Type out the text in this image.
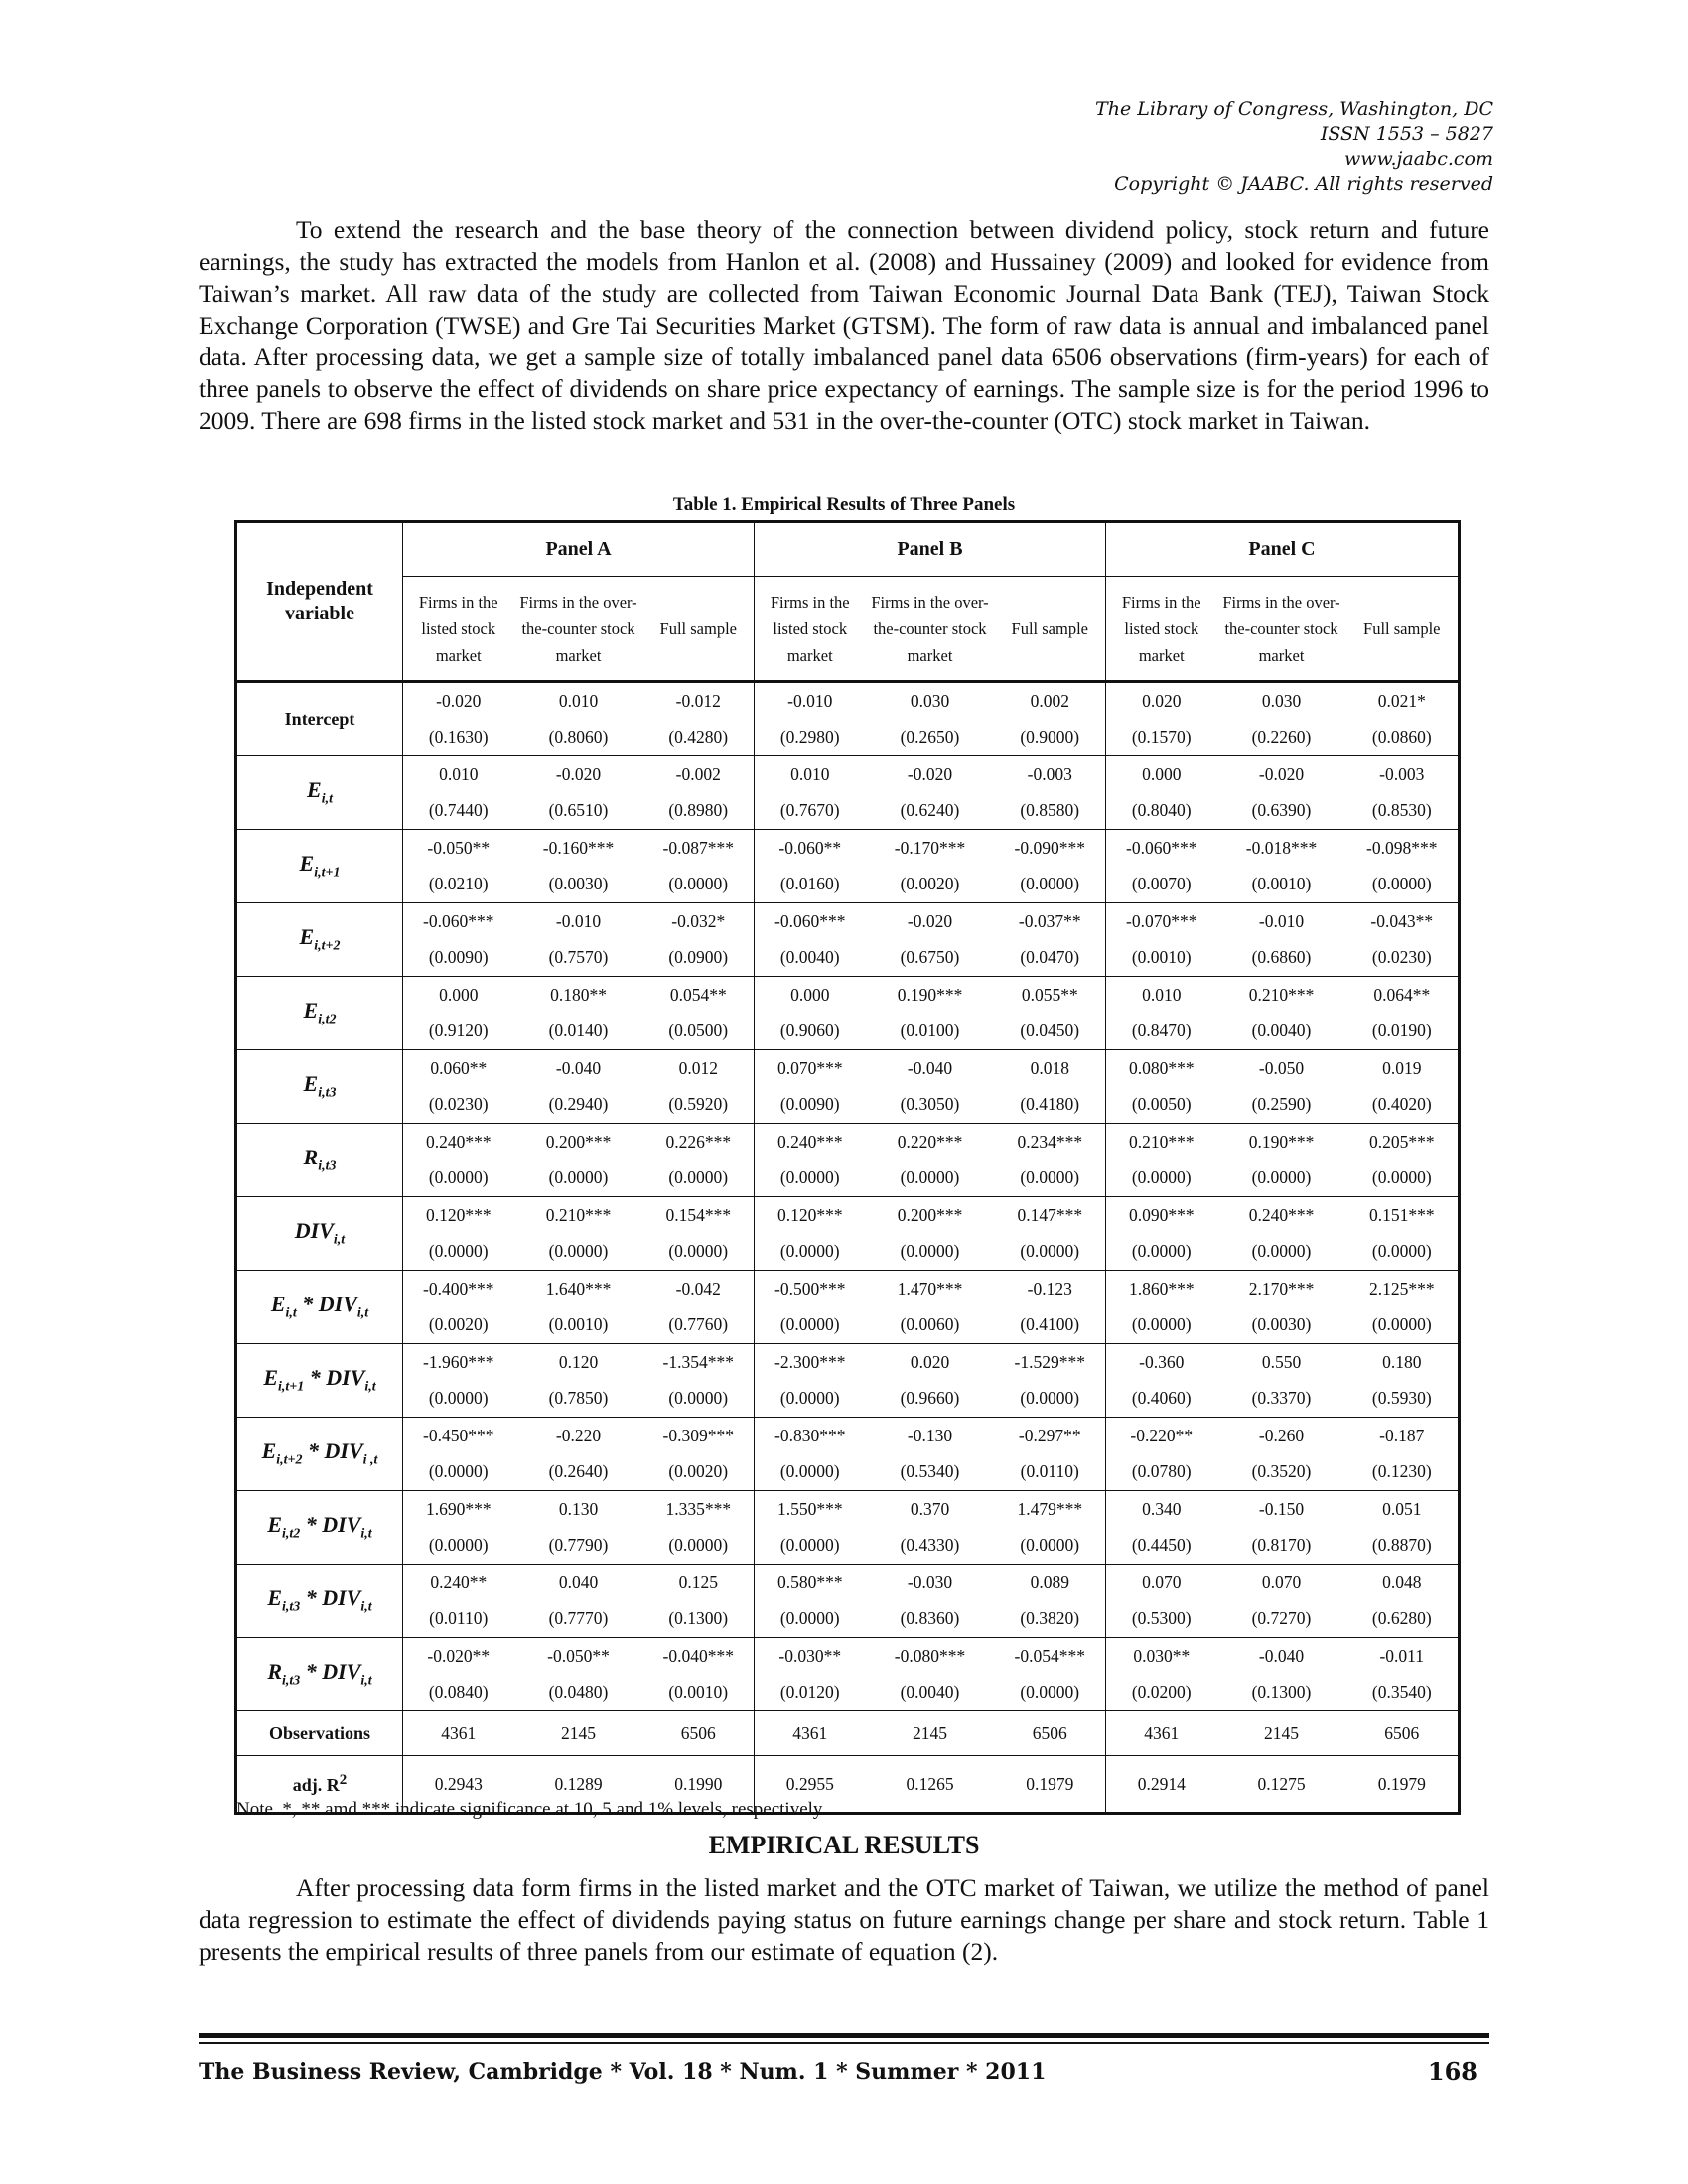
The Library of Congress, Washington, DC
ISSN 1553 – 5827
www.jaabc.com
Copyright © JAABC. All rights reserved

To extend the research and the base theory of the connection between dividend policy, stock return and future earnings, the study has extracted the models from Hanlon et al. (2008) and Hussainey (2009) and looked for evidence from Taiwan’s market. All raw data of the study are collected from Taiwan Economic Journal Data Bank (TEJ), Taiwan Stock Exchange Corporation (TWSE) and Gre Tai Securities Market (GTSM). The form of raw data is annual and imbalanced panel data. After processing data, we get a sample size of totally imbalanced panel data 6506 observations (firm-years) for each of three panels to observe the effect of dividends on share price expectancy of earnings. The sample size is for the period 1996 to 2009. There are 698 firms in the listed stock market and 531 in the over-the-counter (OTC) stock market in Taiwan.

Table 1. Empirical Results of Three Panels
Independent variable	Panel A			Panel B			Panel C		
	Firms in the listed stock market	Firms in the over-the-counter stock market	Full sample	Firms in the listed stock market	Firms in the over-the-counter stock market	Full sample	Firms in the listed stock market	Firms in the over-the-counter stock market	Full sample
Intercept	-0.020	0.010	-0.012	-0.010	0.030	0.002	0.020	0.030	0.021*
	(0.1630)	(0.8060)	(0.4280)	(0.2980)	(0.2650)	(0.9000)	(0.1570)	(0.2260)	(0.0860)
$E_{i,t}$	0.010	-0.020	-0.002	0.010	-0.020	-0.003	0.000	-0.020	-0.003
	(0.7440)	(0.6510)	(0.8980)	(0.7670)	(0.6240)	(0.8580)	(0.8040)	(0.6390)	(0.8530)
$E_{i,t+1}$	-0.050**	-0.160***	-0.087***	-0.060**	-0.170***	-0.090***	-0.060***	-0.018***	-0.098***
	(0.0210)	(0.0030)	(0.0000)	(0.0160)	(0.0020)	(0.0000)	(0.0070)	(0.0010)	(0.0000)
$E_{i,t+2}$	-0.060***	-0.010	-0.032*	-0.060***	-0.020	-0.037**	-0.070***	-0.010	-0.043**
	(0.0090)	(0.7570)	(0.0900)	(0.0040)	(0.6750)	(0.0470)	(0.0010)	(0.6860)	(0.0230)
$E_{i,t2}$	0.000	0.180**	0.054**	0.000	0.190***	0.055**	0.010	0.210***	0.064**
	(0.9120)	(0.0140)	(0.0500)	(0.9060)	(0.0100)	(0.0450)	(0.8470)	(0.0040)	(0.0190)
$E_{i,t3}$	0.060**	-0.040	0.012	0.070***	-0.040	0.018	0.080***	-0.050	0.019
	(0.0230)	(0.2940)	(0.5920)	(0.0090)	(0.3050)	(0.4180)	(0.0050)	(0.2590)	(0.4020)
$R_{i,t3}$	0.240***	0.200***	0.226***	0.240***	0.220***	0.234***	0.210***	0.190***	0.205***
	(0.0000)	(0.0000)	(0.0000)	(0.0000)	(0.0000)	(0.0000)	(0.0000)	(0.0000)	(0.0000)
$DIV_{i,t}$	0.120***	0.210***	0.154***	0.120***	0.200***	0.147***	0.090***	0.240***	0.151***
	(0.0000)	(0.0000)	(0.0000)	(0.0000)	(0.0000)	(0.0000)	(0.0000)	(0.0000)	(0.0000)
$E_{i,t} * DIV_{i,t}$	-0.400***	1.640***	-0.042	-0.500***	1.470***	-0.123	1.860***	2.170***	2.125***
	(0.0020)	(0.0010)	(0.7760)	(0.0000)	(0.0060)	(0.4100)	(0.0000)	(0.0030)	(0.0000)
$E_{i,t+1} * DIV_{i,t}$	-1.960***	0.120	-1.354***	-2.300***	0.020	-1.529***	-0.360	0.550	0.180
	(0.0000)	(0.7850)	(0.0000)	(0.0000)	(0.9660)	(0.0000)	(0.4060)	(0.3370)	(0.5930)
$E_{i,t+2} * DIV_{i ,t}$	-0.450***	-0.220	-0.309***	-0.830***	-0.130	-0.297**	-0.220**	-0.260	-0.187
	(0.0000)	(0.2640)	(0.0020)	(0.0000)	(0.5340)	(0.0110)	(0.0780)	(0.3520)	(0.1230)
$E_{i,t2} * DIV_{i,t}$	1.690***	0.130	1.335***	1.550***	0.370	1.479***	0.340	-0.150	0.051
	(0.0000)	(0.7790)	(0.0000)	(0.0000)	(0.4330)	(0.0000)	(0.4450)	(0.8170)	(0.8870)
$E_{i,t3} * DIV_{i,t}$	0.240**	0.040	0.125	0.580***	-0.030	0.089	0.070	0.070	0.048
	(0.0110)	(0.7770)	(0.1300)	(0.0000)	(0.8360)	(0.3820)	(0.5300)	(0.7270)	(0.6280)
$R_{i,t3} * DIV_{i,t}$	-0.020**	-0.050**	-0.040***	-0.030**	-0.080***	-0.054***	0.030**	-0.040	-0.011
	(0.0840)	(0.0480)	(0.0010)	(0.0120)	(0.0040)	(0.0000)	(0.0200)	(0.1300)	(0.3540)
Observations	4361	2145	6506	4361	2145	6506	4361	2145	6506
adj. $R^2$	0.2943	0.1289	0.1990	0.2955	0.1265	0.1979	0.2914	0.1275	0.1979
Note. *, ** amd *** indicate significance at 10, 5 and 1% levels, respectively.
EMPIRICAL RESULTS

After processing data form firms in the listed market and the OTC market of Taiwan, we utilize the method of panel data regression to estimate the effect of dividends paying status on future earnings change per share and stock return. Table 1 presents the empirical results of three panels from our estimate of equation (2).

The Business Review, Cambridge * Vol. 18 * Num. 1 * Summer * 2011	168
